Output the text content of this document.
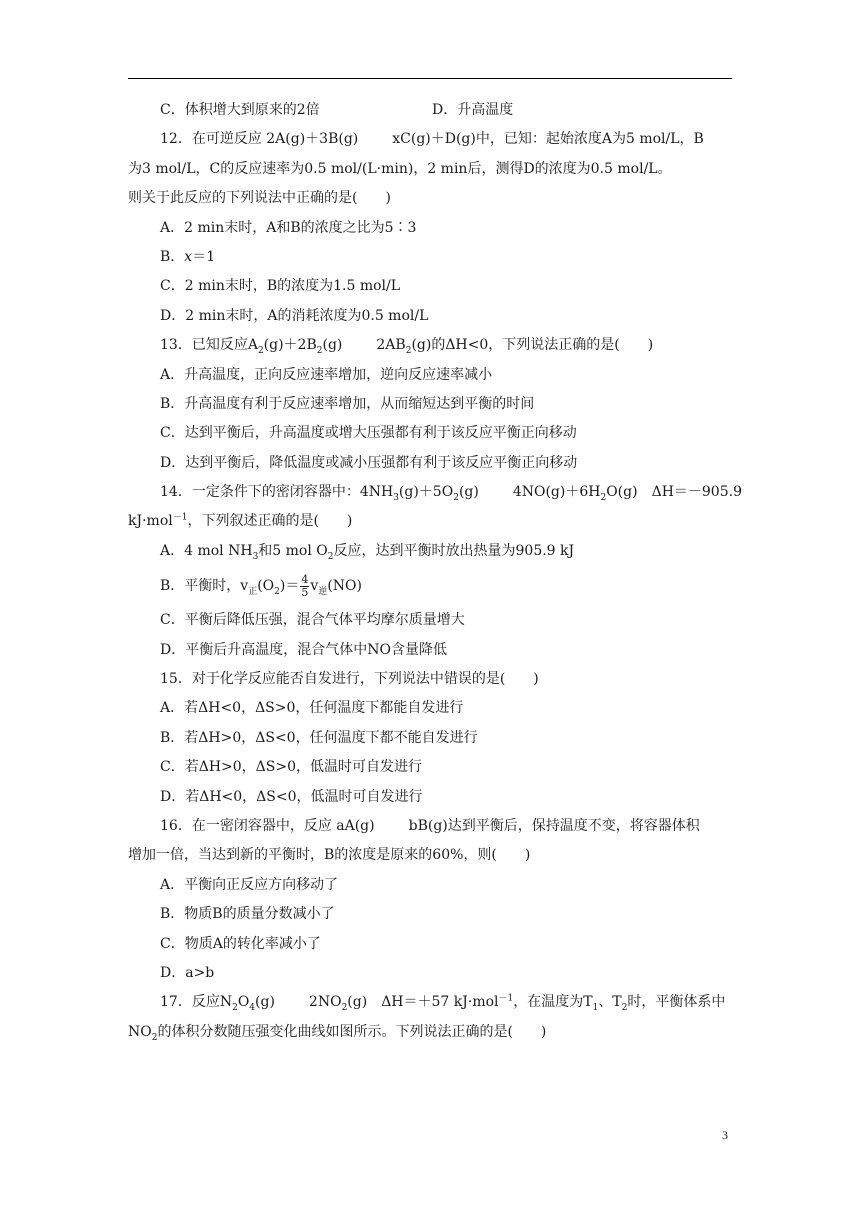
C．体积增大到原来的2倍	D．升高温度
12．在可逆反应 2A(g)＋3B(g) xC(g)＋D(g)中，已知：起始浓度A为5 mol/L，B
为3 mol/L，C的反应速率为0.5 mol/(L·min)，2 min后，测得D的浓度为0.5 mol/L。
则关于此反应的下列说法中正确的是(　　)
A．2 min末时，A和B的浓度之比为5∶3
B．x＝1
C．2 min末时，B的浓度为1.5 mol/L
D．2 min末时，A的消耗浓度为0.5 mol/L
13．已知反应$A_2(g)+2B_2(g)$ $2AB_2(g)$的ΔH<0，下列说法正确的是(　　)
A．升高温度，正向反应速率增加，逆向反应速率减小
B．升高温度有利于反应速率增加，从而缩短达到平衡的时间
C．达到平衡后，升高温度或增大压强都有利于该反应平衡正向移动
D．达到平衡后，降低温度或减小压强都有利于该反应平衡正向移动
14．一定条件下的密闭容器中：$4NH_3(g)+5O_2(g)$ $4NO(g)+6H_2O(g)$　 ΔH＝－905.9
kJ·mol$^{-1}$，下列叙述正确的是(　　)
A．4 mol $NH_3$和5 mol $O_2$反应，达到平衡时放出热量为905.9 kJ
B．平衡时，$v_正(O_2)= \frac{4}{5} v_逆(NO)$
C．平衡后降低压强，混合气体平均摩尔质量增大
D．平衡后升高温度，混合气体中NO含量降低
15．对于化学反应能否自发进行，下列说法中错误的是(　　)
A．若ΔH<0，ΔS>0，任何温度下都能自发进行
B．若ΔH>0，ΔS<0，任何温度下都不能自发进行
C．若ΔH>0，ΔS>0，低温时可自发进行
D．若ΔH<0，ΔS<0，低温时可自发进行
16．在一密闭容器中，反应 aA(g) bB(g)达到平衡后，保持温度不变，将容器体积
增加一倍，当达到新的平衡时，B的浓度是原来的60%，则(　　)
A．平衡向正反应方向移动了
B．物质B的质量分数减小了
C．物质A的转化率减小了
D．a>b
17．反应$N_2O_4(g)$ $2NO_2(g)$　 ΔH＝＋57 kJ·mol$^{-1}$，在温度为$T_1$、$T_2$时，平衡体系中
$NO_2$的体积分数随压强变化曲线如图所示。下列说法正确的是(　　)
3
